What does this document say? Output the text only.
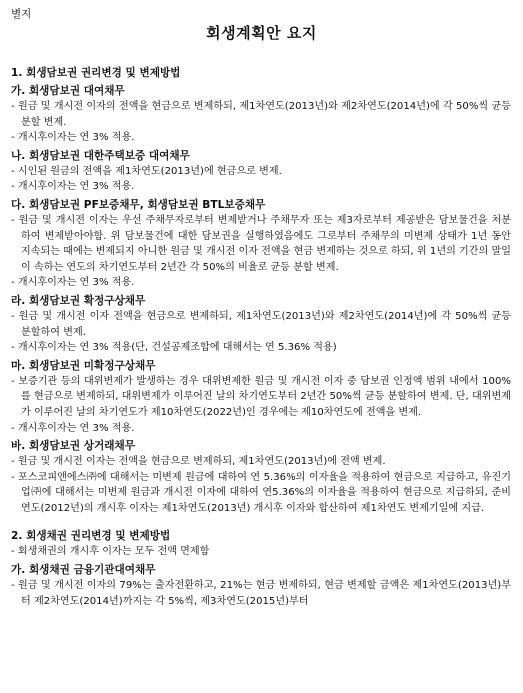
별지
회생계획안 요지

1. 회생담보권 권리변경 및 변제방법

가. 회생담보권 대여채무

- 원금 및 개시전 이자의 전액을 현금으로 변제하되, 제1차연도(2013년)와 제2차연도(2014년)에 각 50%씩 균등 분할 변제.

- 개시후이자는 연 3% 적용.

나. 회생담보권 대한주택보증 대여채무

- 시인된 원금의 전액을 제1차연도(2013년)에 현금으로 변제.

- 개시후이자는 연 3% 적용.

다. 회생담보권 PF보증채무, 회생담보권 BTL보증채무

- 원금 및 개시전 이자는 우선 주채무자로부터 변제받거나 주채무자 또는 제3자로부터 제공받은 담보물건을 처분하여 변제받아야함. 위 담보물건에 대한 담보권을 실행하였음에도 그로부터 주채무의 미변제 상태가 1년 동안 지속되는 때에는 변제되지 아니한 원금 및 개시전 이자 전액을 현금 변제하는 것으로 하되, 위 1년의 기간의 말일이 속하는 연도의 차기연도부터 2년간 각 50%의 비율로 균등 분할 변제.

- 개시후이자는 연 3% 적용.

라. 회생담보권 확정구상채무

- 원금 및 개시전 이자 전액을 현금으로 변제하되, 제1차연도(2013년)와 제2차연도(2014년)에 각 50%씩 균등 분할하여 변제.

- 개시후이자는 연 3% 적용(단, 건설공제조합에 대해서는 연 5.36% 적용)

마. 회생담보권 미확정구상채무

- 보증기관 등의 대위변제가 발생하는 경우 대위변제한 원금 및 개시전 이자 중 담보권 인정액 범위 내에서 100%를 현금으로 변제하되, 대위변제가 이루어진 날의 차기연도부터 2년간 50%씩 균등 분할하여 변제. 단, 대위변제가 이루어진 날의 차기연도가 제10차연도(2022년)인 경우에는 제10차연도에 전액을 변제.

- 개시후이자는 연 3% 적용.

바. 회생담보권 상거래채무

- 원금 및 개시전 이자는 전액을 현금으로 변제하되, 제1차연도(2013년)에 전액 변제.

- 포스코피앤에스㈜에 대해서는 미변제 원금에 대하여 연 5.36%의 이자율을 적용하여 현금으로 지급하고, 유진기업㈜에 대해서는 미변제 원금과 개시전 이자에 대하여 연5.36%의 이자율을 적용하여 현금으로 지급하되, 준비연도(2012년)의 개시후 이자는 제1차연도(2013년) 개시후 이자와 합산하여 제1차연도 변제기일에 지급.

2. 회생채권 권리변경 및 변제방법

- 회생채권의 개시후 이자는 모두 전액 면제함

가. 회생채권 금융기관대여채무

- 원금 및 개시전 이자의 79%는 출자전환하고, 21%는 현금 변제하되, 현금 변제할 금액은 제1차연도(2013년)부터 제2차연도(2014년)까지는 각 5%씩, 제3차연도(2015년)부터
